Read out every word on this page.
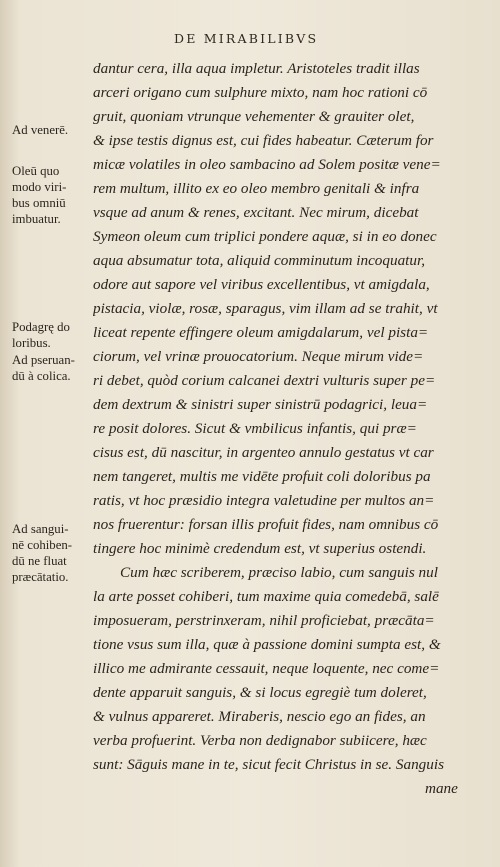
DE MIRABILIBVS
dantur cera, illa aqua impletur. Aristoteles tradit illas
arceri origano cum sulphure mixto, nam hoc rationi cō
gruit, quoniam vtrunque vehementer & grauiter olet,
& ipse testis dignus est, cui fides habeatur. Cæterum for
micæ volatiles in oleo sambacino ad Solem positæ vene=
rem multum, illito ex eo oleo membro genitali & infra
vsque ad anum & renes, excitant. Nec mirum, dicebat
Symeon oleum cum triplici pondere aquæ, si in eo donec
aqua absumatur tota, aliquid comminutum incoquatur,
odore aut sapore vel viribus excellentibus, vt amigdala,
pistacia, violæ, rosæ, sparagus, vim illam ad se trahit, vt
liceat repente effingere oleum amigdalarum, vel pista=
ciorum, vel vrinæ prouocatorium. Neque mirum vide=
ri debet, quòd corium calcanei dextri vulturis super pe=
dem dextrum & sinistri super sinistrū podagrici, leua=
re posit dolores. Sicut & vmbilicus infantis, qui præ=
cisus est, dū nascitur, in argenteo annulo gestatus vt car
nem tangeret, multis me vidēte profuit coli doloribus pa
ratis, vt hoc præsidio integra valetudine per multos an=
nos fruerentur: forsan illis profuit fides, nam omnibus cō
tingere hoc minimè credendum est, vt superius ostendi.
Cum hæc scriberem, præciso labio, cum sanguis nul
la arte posset cohiberi, tum maxime quia comedebā, salē
imposueram, perstrinxeram, nihil proficiebat, præcāta=
tione vsus sum illa, quæ à passione domini sumpta est, &
illico me admirante cessauit, neque loquente, nec come=
dente apparuit sanguis, & si locus egregiè tum doleret,
& vulnus appareret. Miraberis, nescio ego an fides, an
verba profuerint. Verba non dedignabor subiicere, hæc
sunt: Sāguis mane in te, sicut fecit Christus in se. Sanguis
mane
Ad venerē.
Oleū quo
modo viri-
bus omniū
imbuatur.
Podagrę do
loribus.
Ad pseruan-
dū à colica.
Ad sangui-
nē cohiben-
dū ne fluat
præcātatio.
